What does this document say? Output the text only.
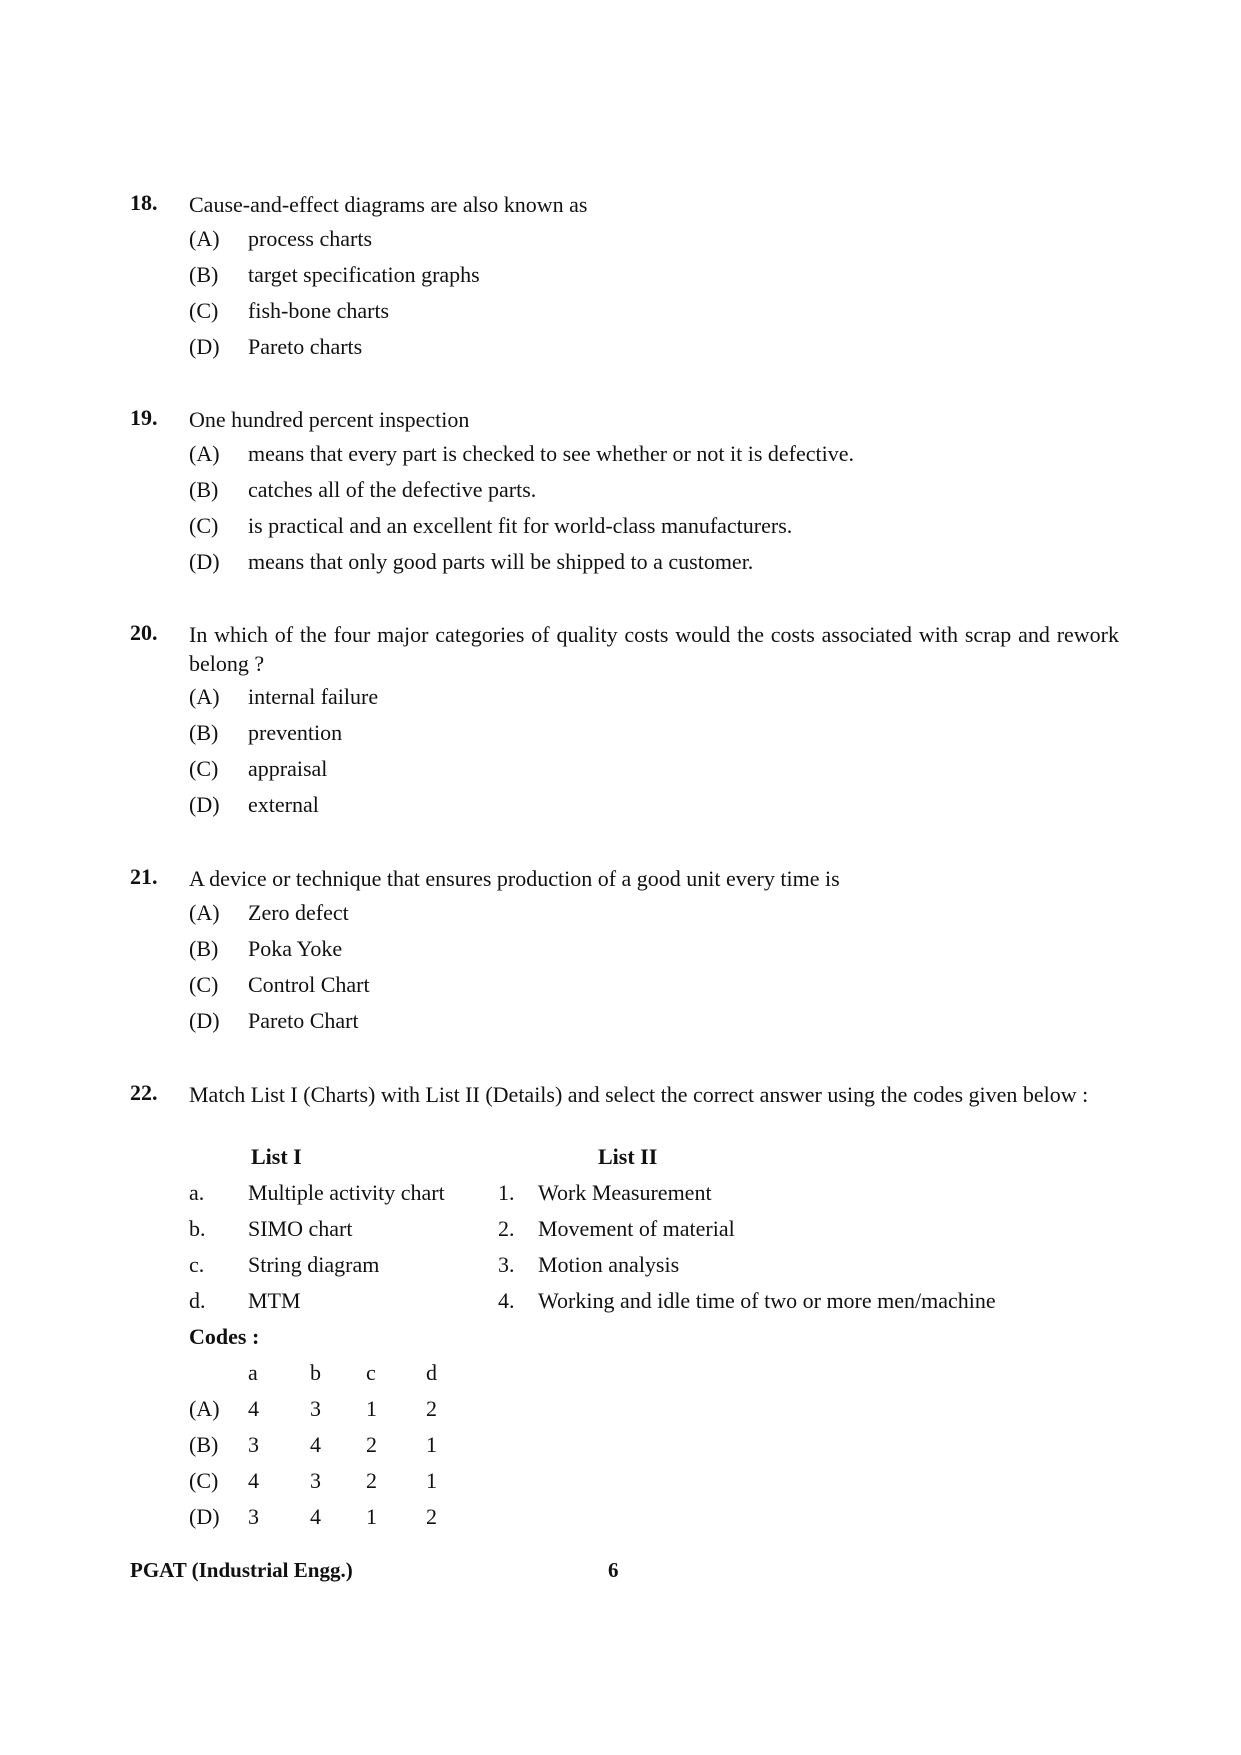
18. Cause-and-effect diagrams are also known as
(A) process charts
(B) target specification graphs
(C) fish-bone charts
(D) Pareto charts
19. One hundred percent inspection
(A) means that every part is checked to see whether or not it is defective.
(B) catches all of the defective parts.
(C) is practical and an excellent fit for world-class manufacturers.
(D) means that only good parts will be shipped to a customer.
20. In which of the four major categories of quality costs would the costs associated with scrap and rework belong ?
(A) internal failure
(B) prevention
(C) appraisal
(D) external
21. A device or technique that ensures production of a good unit every time is
(A) Zero defect
(B) Poka Yoke
(C) Control Chart
(D) Pareto Chart
22. Match List I (Charts) with List II (Details) and select the correct answer using the codes given below :
List I	List II
a. Multiple activity chart
b. SIMO chart
c. String diagram
d. MTM
1. Work Measurement
2. Movement of material
3. Motion analysis
4. Working and idle time of two or more men/machine
Codes :
a b c d
(A) 4 3 1 2
(B) 3 4 2 1
(C) 4 3 2 1
(D) 3 4 1 2
PGAT (Industrial Engg.)	6
